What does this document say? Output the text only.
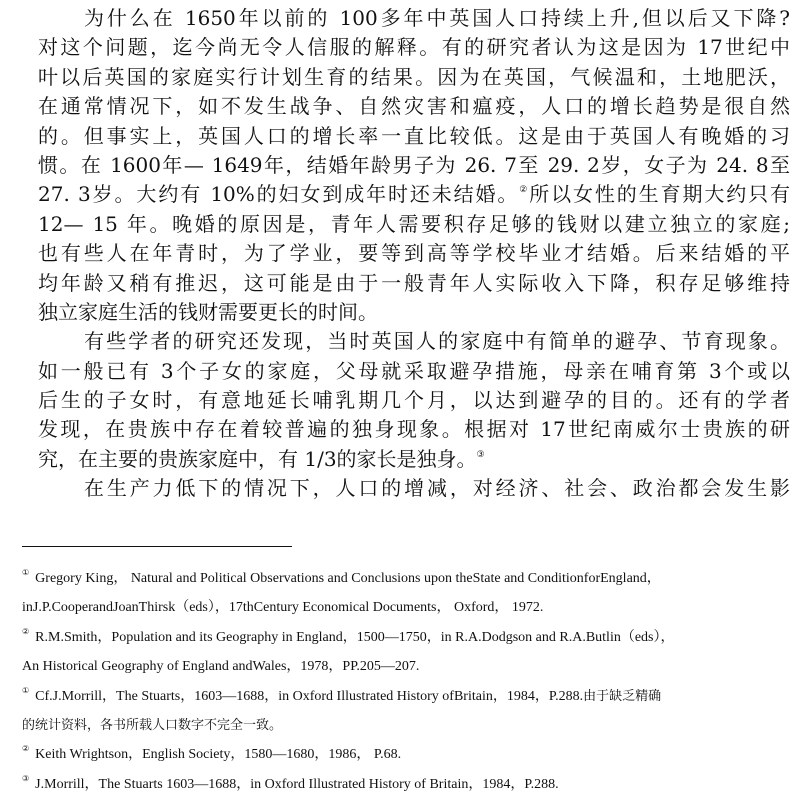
为什么在 1650年以前的 100多年中英国人口持续上升,但以后又下降?
对这个问题，迄今尚无令人信服的解释。有的研究者认为这是因为 17世纪中
叶以后英国的家庭实行计划生育的结果。因为在英国，气候温和，土地肥沃，
在通常情况下，如不发生战争、自然灾害和瘟疫，人口的增长趋势是很自然
的。但事实上，英国人口的增长率一直比较低。这是由于英国人有晚婚的习
惯。在 1600年— 1649年，结婚年龄男子为 26. 7至 29. 2岁，女子为 24. 8至
27. 3岁。大约有 10%的妇女到成年时还未结婚。②所以女性的生育期大约只有
12— 15 年。晚婚的原因是，青年人需要积存足够的钱财以建立独立的家庭;
也有些人在年青时，为了学业，要等到高等学校毕业才结婚。后来结婚的平
均年龄又稍有推迟，这可能是由于一般青年人实际收入下降，积存足够维持
独立家庭生活的钱财需要更长的时间。
有些学者的研究还发现，当时英国人的家庭中有简单的避孕、节育现象。
如一般已有 3个子女的家庭，父母就采取避孕措施，母亲在哺育第 3个或以
后生的子女时，有意地延长哺乳期几个月，以达到避孕的目的。还有的学者
发现，在贵族中存在着较普遍的独身现象。根据对 17世纪南威尔士贵族的研
究，在主要的贵族家庭中，有 1/3的家长是独身。③
在生产力低下的情况下，人口的增减，对经济、社会、政治都会发生影
① Gregory King， Natural and Political Observations and Conclusions upon theState and ConditionforEngland，
inJ.P.CooperandJoanThirsk（eds），17thCentury Economical Documents， Oxford， 1972.
② R.M.Smith，Population and its Geography in England，1500—1750，in R.A.Dodgson and R.A.Butlin（eds），
An Historical Geography of England andWales，1978，PP.205—207.
① Cf.J.Morrill，The Stuarts，1603—1688，in Oxford Illustrated History ofBritain，1984，P.288.由于缺乏精确
的统计资料，各书所载人口数字不完全一致。
② Keith Wrightson，English Society，1580—1680，1986， P.68.
③ J.Morrill，The Stuarts 1603—1688，in Oxford Illustrated History of Britain，1984，P.288.
